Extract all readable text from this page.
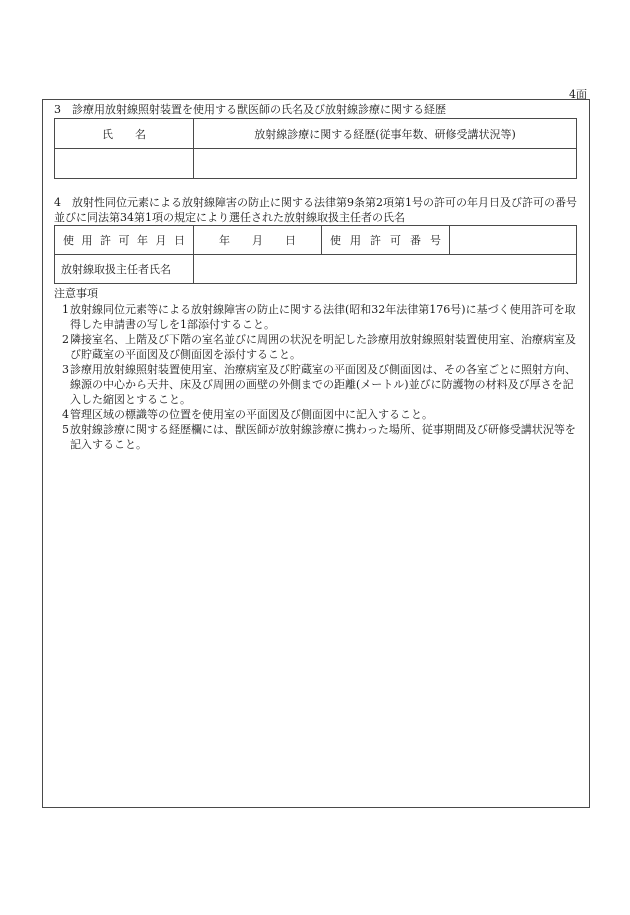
4面
3　診療用放射線照射装置を使用する獣医師の氏名及び放射線診療に関する経歴
氏　　名	放射線診療に関する経歴(従事年数、研修受講状況等)

4　放射性同位元素による放射線障害の防止に関する法律第9条第2項第1号の許可の年月日及び許可の番号並びに同法第34第1項の規定により選任された放射線取扱主任者の氏名
使用許可年月日	年　　月　　日	使用許可番号	
放射線取扱主任者氏名			
注意事項
1 放射線同位元素等による放射線障害の防止に関する法律(昭和32年法律第176号)に基づく使用許可を取得した申請書の写しを1部添付すること。
2 隣接室名、上階及び下階の室名並びに周囲の状況を明記した診療用放射線照射装置使用室、治療病室及び貯蔵室の平面図及び側面図を添付すること。
3 診療用放射線照射装置使用室、治療病室及び貯蔵室の平面図及び側面図は、その各室ごとに照射方向、線源の中心から天井、床及び周囲の画壁の外側までの距離(メートル)並びに防護物の材料及び厚さを記入した縮図とすること。
4 管理区域の標識等の位置を使用室の平面図及び側面図中に記入すること。
5 放射線診療に関する経歴欄には、獣医師が放射線診療に携わった場所、従事期間及び研修受講状況等を記入すること。
